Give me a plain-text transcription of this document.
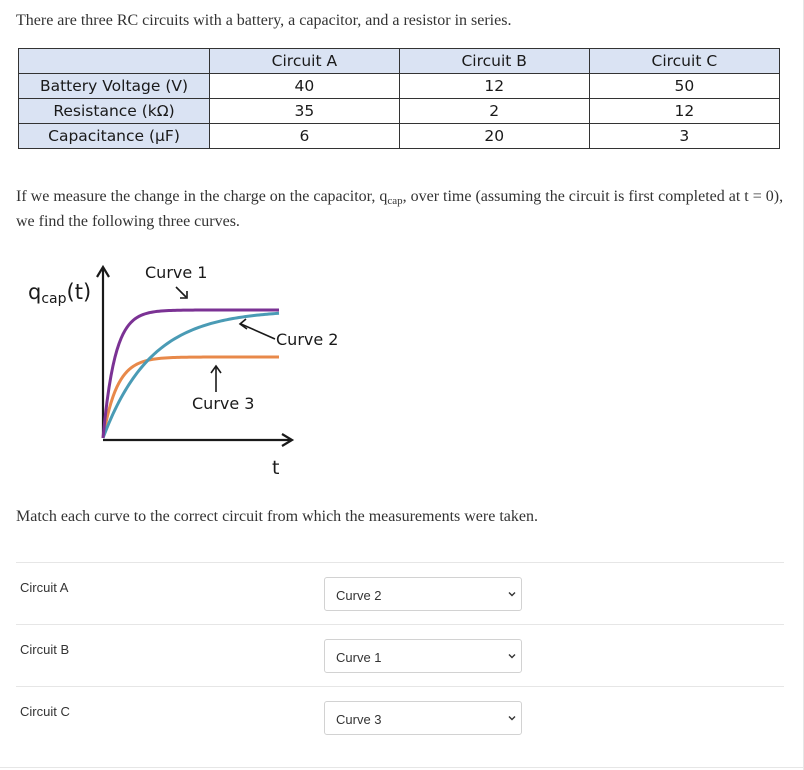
There are three RC circuits with a battery, a capacitor, and a resistor in series.
	Circuit A	Circuit B	Circuit C
Battery Voltage (V)	40	12	50
Resistance (kΩ)	35	2	12
Capacitance (μF)	6	20	3
If we measure the change in the charge on the capacitor, $q_{cap}$, over time (assuming the circuit is first completed at t = 0), we find the following three curves.
qcap(t)
t
Curve 1
Curve 2
Curve 3
Match each curve to the correct circuit from which the measurements were taken.
Circuit A
Curve 2
Circuit B
Curve 1
Circuit C
Curve 3
